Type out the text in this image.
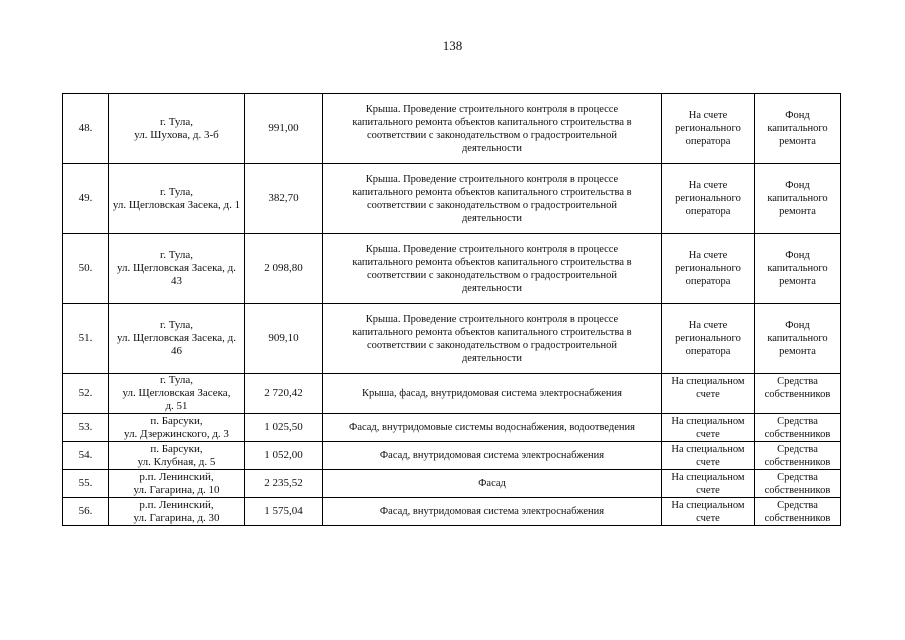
138
48.	г. Тула,
ул. Шухова, д. 3-б	991,00	Крыша. Проведение строительного контроля в процессе
капитального ремонта объектов капитального строительства в
соответствии с законодательством о градостроительной
деятельности	На счете
регионального
оператора	Фонд
капитального
ремонта

49.	г. Тула,
ул. Щегловская Засека, д. 1	382,70	Крыша. Проведение строительного контроля в процессе
капитального ремонта объектов капитального строительства в
соответствии с законодательством о градостроительной
деятельности	На счете
регионального
оператора	Фонд
капитального
ремонта

50.	г. Тула,
ул. Щегловская Засека, д.
43	2 098,80	Крыша. Проведение строительного контроля в процессе
капитального ремонта объектов капитального строительства в
соответствии с законодательством о градостроительной
деятельности	На счете
регионального
оператора	Фонд
капитального
ремонта

51.	г. Тула,
ул. Щегловская Засека, д.
46	909,10	Крыша. Проведение строительного контроля в процессе
капитального ремонта объектов капитального строительства в
соответствии с законодательством о градостроительной
деятельности	На счете
регионального
оператора	Фонд
капитального
ремонта

52.	г. Тула,
ул. Щегловская Засека,
д. 51	2 720,42	Крыша, фасад, внутридомовая система электроснабжения	На специальном
счете	Средства
собственников

53.	п. Барсуки,
ул. Дзержинского, д. 3	1 025,50	Фасад, внутридомовые системы водоснабжения, водоотведения	На специальном
счете	Средства
собственников

54.	п. Барсуки,
ул. Клубная, д. 5	1 052,00	Фасад, внутридомовая система электроснабжения	На специальном
счете	Средства
собственников

55.	р.п. Ленинский,
ул. Гагарина, д. 10	2 235,52	Фасад	На специальном
счете	Средства
собственников

56.	р.п. Ленинский,
ул. Гагарина, д. 30	1 575,04	Фасад, внутридомовая система электроснабжения	На специальном
счете	Средства
собственников
